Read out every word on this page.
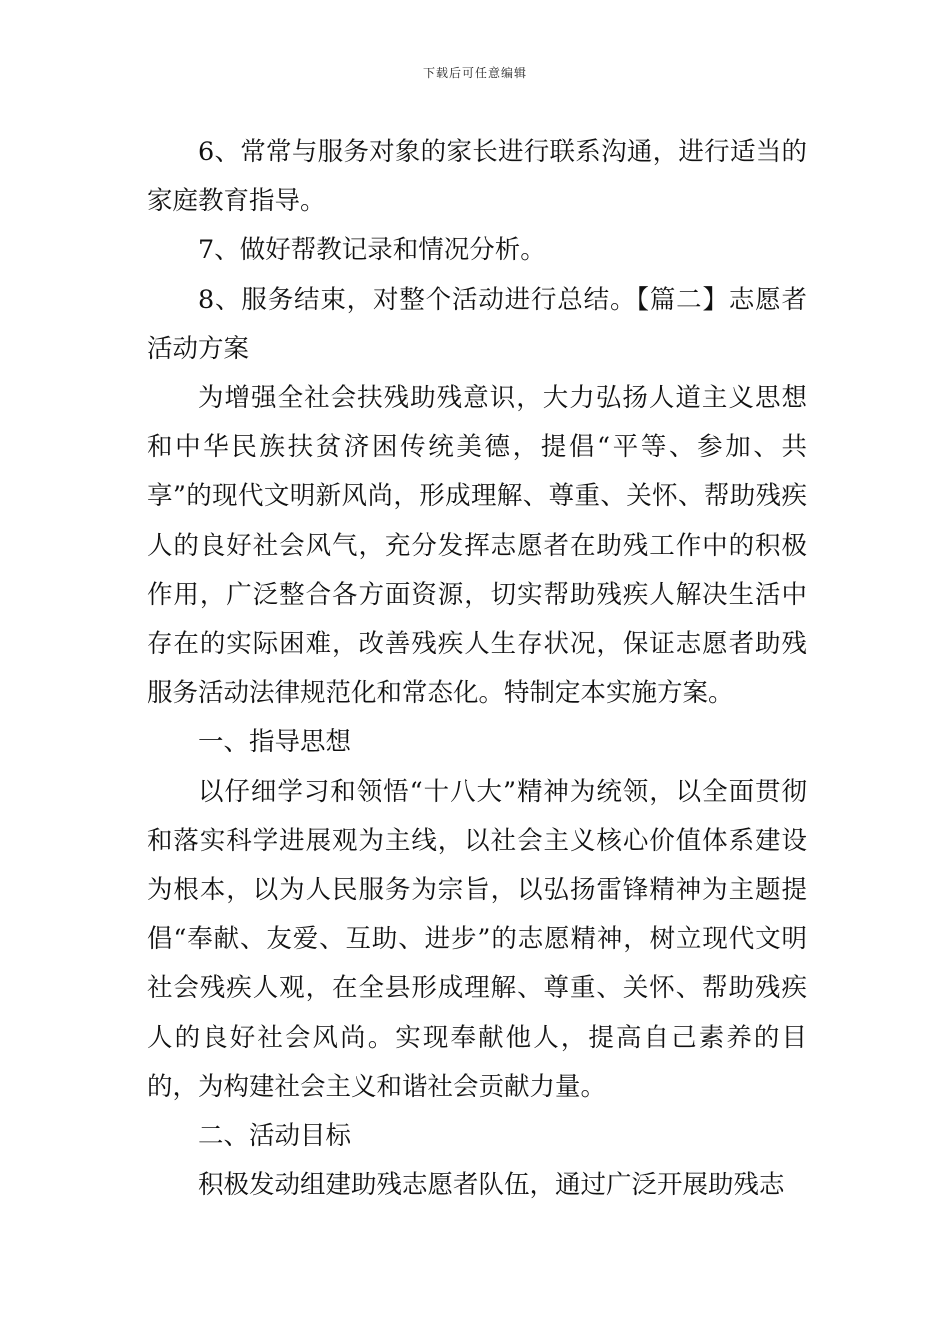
下载后可任意编辑

6、常常与服务对象的家长进行联系沟通，进行适当的家庭教育指导。

7、做好帮教记录和情况分析。

8、服务结束，对整个活动进行总结。【篇二】志愿者活动方案

为增强全社会扶残助残意识，大力弘扬人道主义思想和中华民族扶贫济困传统美德，提倡“平等、参加、共享”的现代文明新风尚，形成理解、尊重、关怀、帮助残疾人的良好社会风气，充分发挥志愿者在助残工作中的积极作用，广泛整合各方面资源，切实帮助残疾人解决生活中存在的实际困难，改善残疾人生存状况，保证志愿者助残服务活动法律规范化和常态化。特制定本实施方案。

一、指导思想

以仔细学习和领悟“十八大”精神为统领，以全面贯彻和落实科学进展观为主线，以社会主义核心价值体系建设为根本，以为人民服务为宗旨，以弘扬雷锋精神为主题提倡“奉献、友爱、互助、进步”的志愿精神，树立现代文明社会残疾人观，在全县形成理解、尊重、关怀、帮助残疾人的良好社会风尚。实现奉献他人，提高自己素养的目的，为构建社会主义和谐社会贡献力量。

二、活动目标

积极发动组建助残志愿者队伍，通过广泛开展助残志
